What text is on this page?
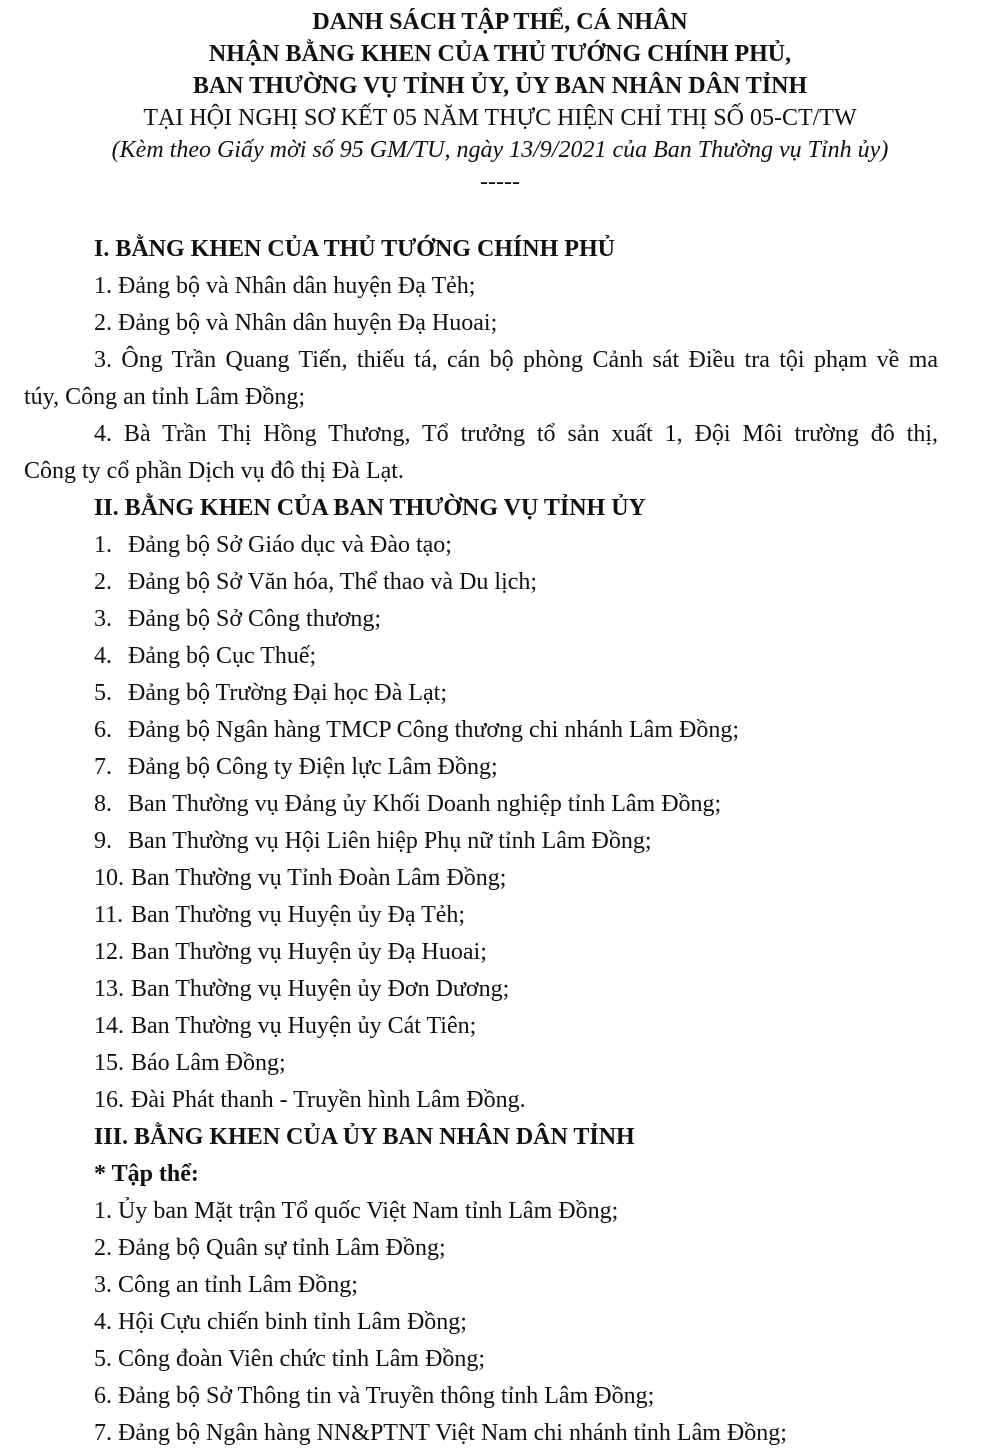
DANH SÁCH TẬP THỂ, CÁ NHÂN
NHẬN BẰNG KHEN CỦA THỦ TƯỚNG CHÍNH PHỦ,
BAN THƯỜNG VỤ TỈNH ỦY, ỦY BAN NHÂN DÂN TỈNH
TẠI HỘI NGHỊ SƠ KẾT 05 NĂM THỰC HIỆN CHỈ THỊ SỐ 05-CT/TW
(Kèm theo Giấy mời số 95 GM/TU, ngày 13/9/2021 của Ban Thường vụ Tỉnh ủy)
-----
I. BẰNG KHEN CỦA THỦ TƯỚNG CHÍNH PHỦ
1. Đảng bộ và Nhân dân huyện Đạ Tẻh;
2. Đảng bộ và Nhân dân huyện Đạ Huoai;
3. Ông Trần Quang Tiến, thiếu tá, cán bộ phòng Cảnh sát Điều tra tội phạm về ma
túy, Công an tỉnh Lâm Đồng;
4. Bà Trần Thị Hồng Thương, Tổ trưởng tổ sản xuất 1, Đội Môi trường đô thị,
Công ty cổ phần Dịch vụ đô thị Đà Lạt.
II. BẰNG KHEN CỦA BAN THƯỜNG VỤ TỈNH ỦY
1. Đảng bộ Sở Giáo dục và Đào tạo;
2. Đảng bộ Sở Văn hóa, Thể thao và Du lịch;
3. Đảng bộ Sở Công thương;
4. Đảng bộ Cục Thuế;
5. Đảng bộ Trường Đại học Đà Lạt;
6. Đảng bộ Ngân hàng TMCP Công thương chi nhánh Lâm Đồng;
7. Đảng bộ Công ty Điện lực Lâm Đồng;
8. Ban Thường vụ Đảng ủy Khối Doanh nghiệp tỉnh Lâm Đồng;
9. Ban Thường vụ Hội Liên hiệp Phụ nữ tỉnh Lâm Đồng;
10. Ban Thường vụ Tỉnh Đoàn Lâm Đồng;
11. Ban Thường vụ Huyện ủy Đạ Tẻh;
12. Ban Thường vụ Huyện ủy Đạ Huoai;
13. Ban Thường vụ Huyện ủy Đơn Dương;
14. Ban Thường vụ Huyện ủy Cát Tiên;
15. Báo Lâm Đồng;
16. Đài Phát thanh - Truyền hình Lâm Đồng.
III. BẰNG KHEN CỦA ỦY BAN NHÂN DÂN TỈNH
* Tập thể:
1. Ủy ban Mặt trận Tổ quốc Việt Nam tỉnh Lâm Đồng;
2. Đảng bộ Quân sự tỉnh Lâm Đồng;
3. Công an tỉnh Lâm Đồng;
4. Hội Cựu chiến binh tỉnh Lâm Đồng;
5. Công đoàn Viên chức tỉnh Lâm Đồng;
6. Đảng bộ Sở Thông tin và Truyền thông tỉnh Lâm Đồng;
7. Đảng bộ Ngân hàng NN&PTNT Việt Nam chi nhánh tỉnh Lâm Đồng;
